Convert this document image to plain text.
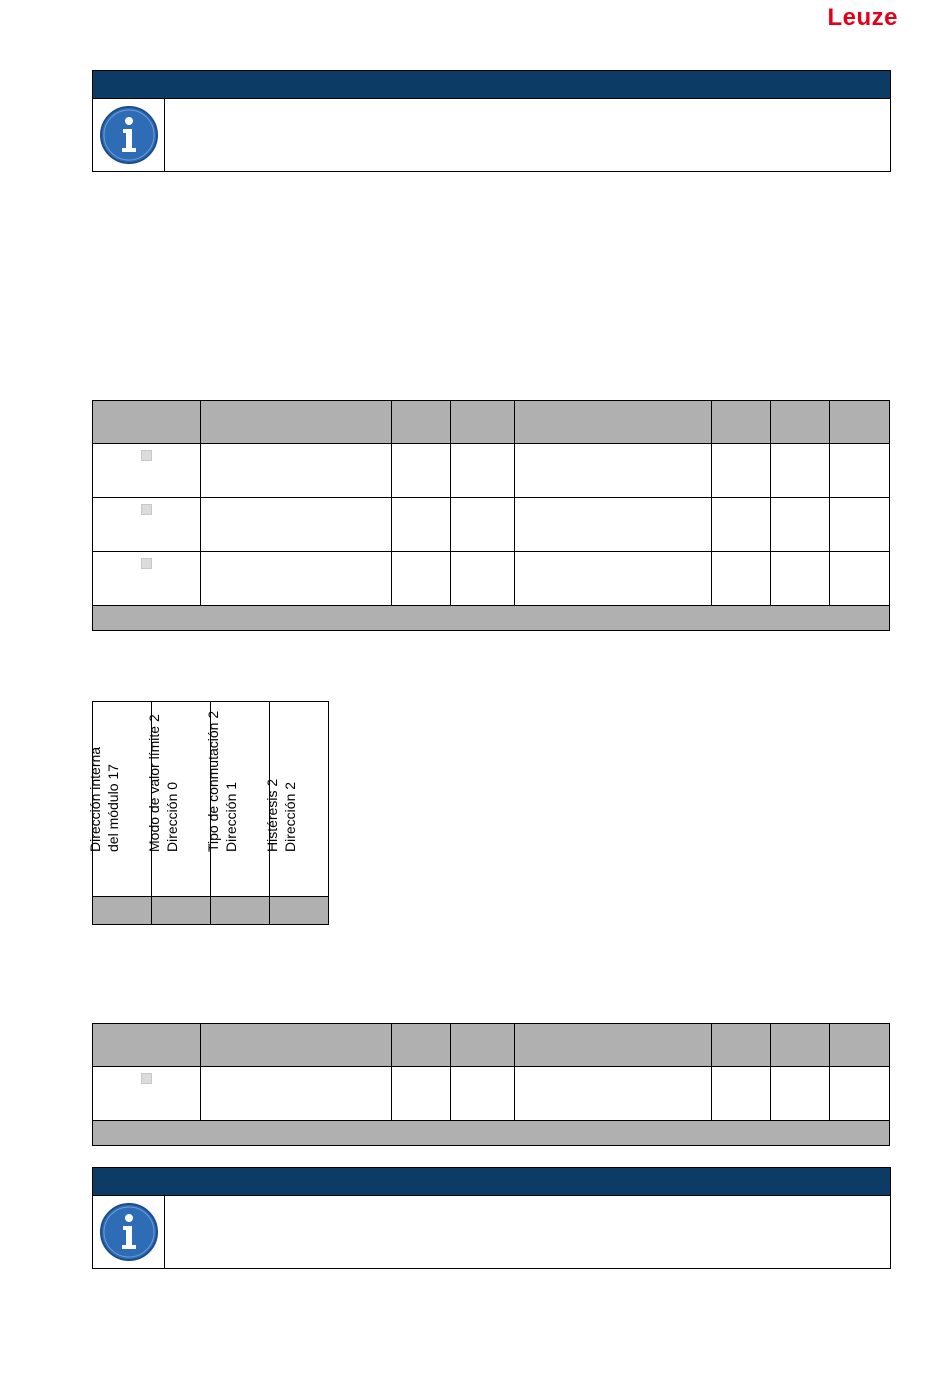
Leuze

Dirección interna del módulo 17	Modo de valor límite 2 Dirección 0	Tipo de conmutación 2 Dirección 1	Histéresis 2 Dirección 2
